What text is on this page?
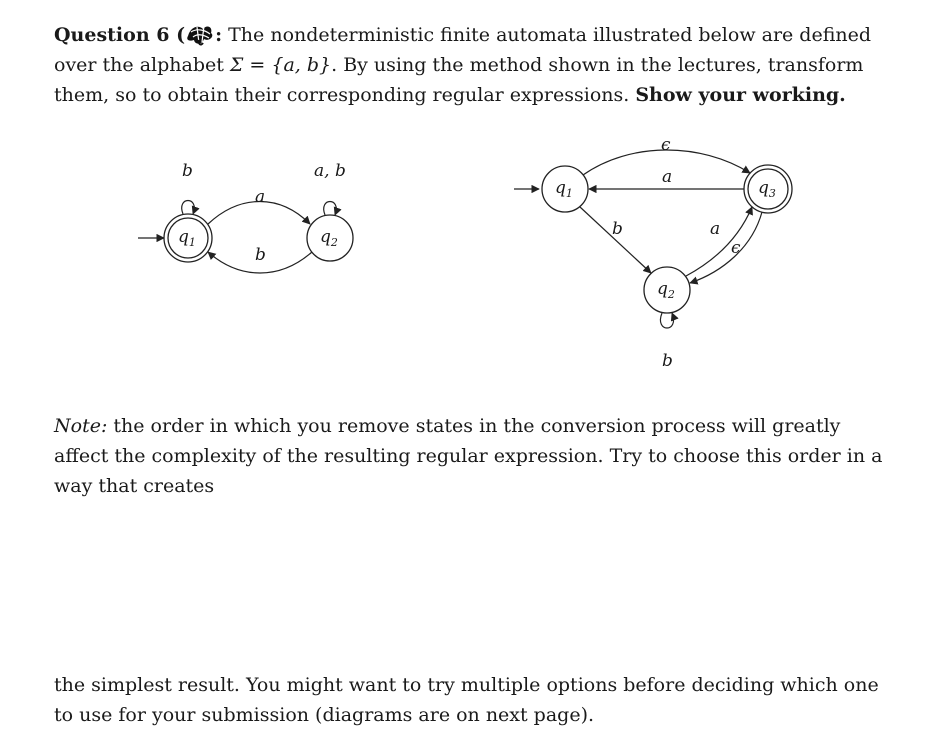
Question 6 ( : The nondeterministic finite automata illustrated below are defined over the alphabet Σ = {a, b}. By using the method shown in the lectures, transform them, so to obtain their corresponding regular expressions. Show your working.

$q_1$	$q_2$
b	a, b
a
b
$q_1$	$q_3$
$q_2$
ϵ
a
b	a
ϵ
b

Note: the order in which you remove states in the conversion process will greatly affect the complexity of the resulting regular expression. Try to choose this order in a way that creates

the simplest result. You might want to try multiple options before deciding which one to use for your submission (diagrams are on next page).
